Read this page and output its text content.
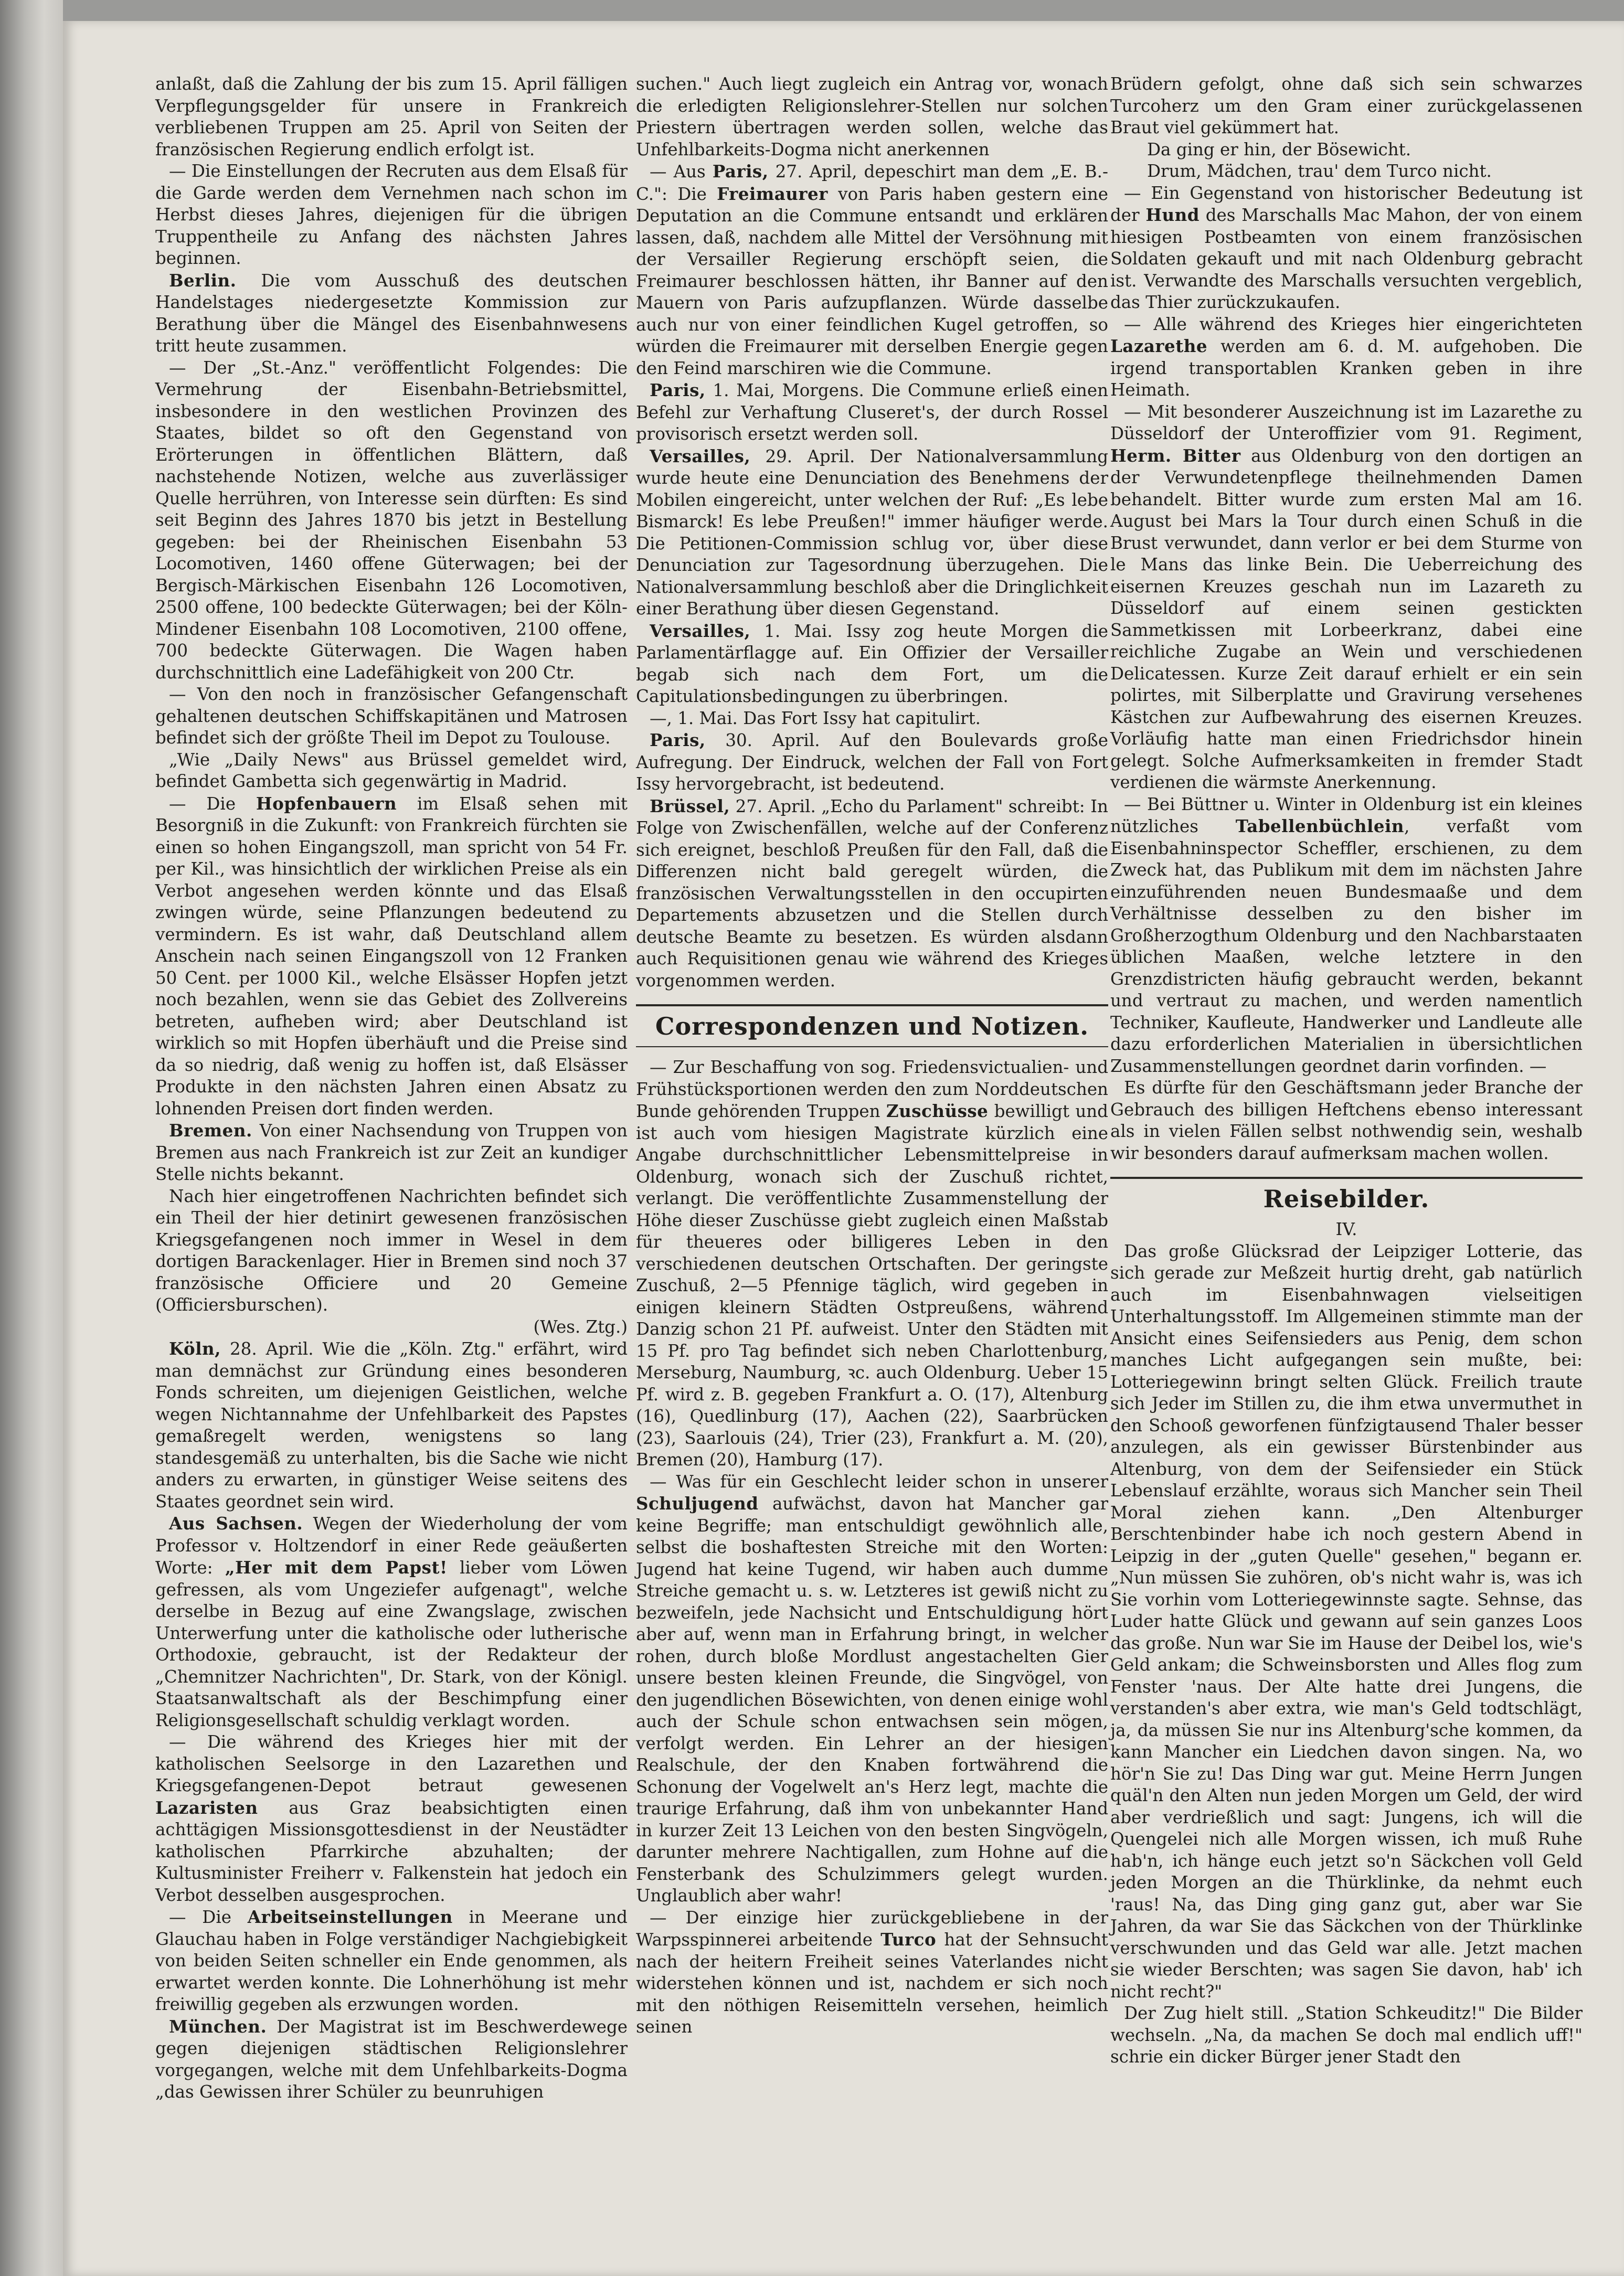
anlaßt, daß die Zahlung der bis zum 15. April fälligen Verpflegungsgelder für unsere in Frankreich verbliebenen Truppen am 25. April von Seiten der französischen Regierung endlich erfolgt ist.

— Die Einstellungen der Recruten aus dem Elsaß für die Garde werden dem Vernehmen nach schon im Herbst dieses Jahres, diejenigen für die übrigen Truppentheile zu Anfang des nächsten Jahres beginnen.

Berlin. Die vom Ausschuß des deutschen Handelstages niedergesetzte Kommission zur Berathung über die Mängel des Eisenbahnwesens tritt heute zusammen.

— Der „St.-Anz." veröffentlicht Folgendes: Die Vermehrung der Eisenbahn-Betriebsmittel, insbesondere in den westlichen Provinzen des Staates, bildet so oft den Gegenstand von Erörterungen in öffentlichen Blättern, daß nachstehende Notizen, welche aus zuverlässiger Quelle herrühren, von Interesse sein dürften: Es sind seit Beginn des Jahres 1870 bis jetzt in Bestellung gegeben: bei der Rheinischen Eisenbahn 53 Locomotiven, 1460 offene Güterwagen; bei der Bergisch-Märkischen Eisenbahn 126 Locomotiven, 2500 offene, 100 bedeckte Güterwagen; bei der Köln-Mindener Eisenbahn 108 Locomotiven, 2100 offene, 700 bedeckte Güterwagen. Die Wagen haben durchschnittlich eine Ladefähigkeit von 200 Ctr.

— Von den noch in französischer Gefangenschaft gehaltenen deutschen Schiffskapitänen und Matrosen befindet sich der größte Theil im Depot zu Toulouse.

„Wie „Daily News" aus Brüssel gemeldet wird, befindet Gambetta sich gegenwärtig in Madrid.

— Die Hopfenbauern im Elsaß sehen mit Besorgniß in die Zukunft: von Frankreich fürchten sie einen so hohen Eingangszoll, man spricht von 54 Fr. per Kil., was hinsichtlich der wirklichen Preise als ein Verbot angesehen werden könnte und das Elsaß zwingen würde, seine Pflanzungen bedeutend zu vermindern. Es ist wahr, daß Deutschland allem Anschein nach seinen Eingangszoll von 12 Franken 50 Cent. per 1000 Kil., welche Elsässer Hopfen jetzt noch bezahlen, wenn sie das Gebiet des Zollvereins betreten, aufheben wird; aber Deutschland ist wirklich so mit Hopfen überhäuft und die Preise sind da so niedrig, daß wenig zu hoffen ist, daß Elsässer Produkte in den nächsten Jahren einen Absatz zu lohnenden Preisen dort finden werden.

Bremen. Von einer Nachsendung von Truppen von Bremen aus nach Frankreich ist zur Zeit an kundiger Stelle nichts bekannt.

Nach hier eingetroffenen Nachrichten befindet sich ein Theil der hier detinirt gewesenen französischen Kriegsgefangenen noch immer in Wesel in dem dortigen Barackenlager. Hier in Bremen sind noch 37 französische Officiere und 20 Gemeine (Officiersburschen).

(Wes. Ztg.)

Köln, 28. April. Wie die „Köln. Ztg." erfährt, wird man demnächst zur Gründung eines besonderen Fonds schreiten, um diejenigen Geistlichen, welche wegen Nichtannahme der Unfehlbarkeit des Papstes gemaßregelt werden, wenigstens so lang standesgemäß zu unterhalten, bis die Sache wie nicht anders zu erwarten, in günstiger Weise seitens des Staates geordnet sein wird.

Aus Sachsen. Wegen der Wiederholung der vom Professor v. Holtzendorf in einer Rede geäußerten Worte: „Her mit dem Papst! lieber vom Löwen gefressen, als vom Ungeziefer aufgenagt", welche derselbe in Bezug auf eine Zwangslage, zwischen Unterwerfung unter die katholische oder lutherische Orthodoxie, gebraucht, ist der Redakteur der „Chemnitzer Nachrichten", Dr. Stark, von der Königl. Staatsanwaltschaft als der Beschimpfung einer Religionsgesellschaft schuldig verklagt worden.

— Die während des Krieges hier mit der katholischen Seelsorge in den Lazarethen und Kriegsgefangenen-Depot betraut gewesenen Lazaristen aus Graz beabsichtigten einen achttägigen Missionsgottesdienst in der Neustädter katholischen Pfarrkirche abzuhalten; der Kultusminister Freiherr v. Falkenstein hat jedoch ein Verbot desselben ausgesprochen.

— Die Arbeitseinstellungen in Meerane und Glauchau haben in Folge verständiger Nachgiebigkeit von beiden Seiten schneller ein Ende genommen, als erwartet werden konnte. Die Lohnerhöhung ist mehr freiwillig gegeben als erzwungen worden.

München. Der Magistrat ist im Beschwerdewege gegen diejenigen städtischen Religionslehrer vorgegangen, welche mit dem Unfehlbarkeits-Dogma „das Gewissen ihrer Schüler zu beunruhigen

suchen." Auch liegt zugleich ein Antrag vor, wonach die erledigten Religionslehrer-Stellen nur solchen Priestern übertragen werden sollen, welche das Unfehlbarkeits-Dogma nicht anerkennen

— Aus Paris, 27. April, depeschirt man dem „E. B.-C.": Die Freimaurer von Paris haben gestern eine Deputation an die Commune entsandt und erklären lassen, daß, nachdem alle Mittel der Versöhnung mit der Versailler Regierung erschöpft seien, die Freimaurer beschlossen hätten, ihr Banner auf den Mauern von Paris aufzupflanzen. Würde dasselbe auch nur von einer feindlichen Kugel getroffen, so würden die Freimaurer mit derselben Energie gegen den Feind marschiren wie die Commune.

Paris, 1. Mai, Morgens. Die Commune erließ einen Befehl zur Verhaftung Cluseret's, der durch Rossel provisorisch ersetzt werden soll.

Versailles, 29. April. Der Nationalversammlung wurde heute eine Denunciation des Benehmens der Mobilen eingereicht, unter welchen der Ruf: „Es lebe Bismarck! Es lebe Preußen!" immer häufiger werde. Die Petitionen-Commission schlug vor, über diese Denunciation zur Tagesordnung überzugehen. Die Nationalversammlung beschloß aber die Dringlichkeit einer Berathung über diesen Gegenstand.

Versailles, 1. Mai. Issy zog heute Morgen die Parlamentärflagge auf. Ein Offizier der Versailler begab sich nach dem Fort, um die Capitulationsbedingungen zu überbringen.

—, 1. Mai. Das Fort Issy hat capitulirt.

Paris, 30. April. Auf den Boulevards große Aufregung. Der Eindruck, welchen der Fall von Fort Issy hervorgebracht, ist bedeutend.

Brüssel, 27. April. „Echo du Parlament" schreibt: In Folge von Zwischenfällen, welche auf der Conferenz sich ereignet, beschloß Preußen für den Fall, daß die Differenzen nicht bald geregelt würden, die französischen Verwaltungsstellen in den occupirten Departements abzusetzen und die Stellen durch deutsche Beamte zu besetzen. Es würden alsdann auch Requisitionen genau wie während des Krieges vorgenommen werden.

Correspondenzen und Notizen.

— Zur Beschaffung von sog. Friedensvictualien- und Frühstücksportionen werden den zum Norddeutschen Bunde gehörenden Truppen Zuschüsse bewilligt und ist auch vom hiesigen Magistrate kürzlich eine Angabe durchschnittlicher Lebensmittelpreise in Oldenburg, wonach sich der Zuschuß richtet, verlangt. Die veröffentlichte Zusammenstellung der Höhe dieser Zuschüsse giebt zugleich einen Maßstab für theueres oder billigeres Leben in den verschiedenen deutschen Ortschaften. Der geringste Zuschuß, 2—5 Pfennige täglich, wird gegeben in einigen kleinern Städten Ostpreußens, während Danzig schon 21 Pf. aufweist. Unter den Städten mit 15 Pf. pro Tag befindet sich neben Charlottenburg, Merseburg, Naumburg, ꝛc. auch Oldenburg. Ueber 15 Pf. wird z. B. gegeben Frankfurt a. O. (17), Altenburg (16), Quedlinburg (17), Aachen (22), Saarbrücken (23), Saarlouis (24), Trier (23), Frankfurt a. M. (20), Bremen (20), Hamburg (17).

— Was für ein Geschlecht leider schon in unserer Schuljugend aufwächst, davon hat Mancher gar keine Begriffe; man entschuldigt gewöhnlich alle, selbst die boshaftesten Streiche mit den Worten: Jugend hat keine Tugend, wir haben auch dumme Streiche gemacht u. s. w. Letzteres ist gewiß nicht zu bezweifeln, jede Nachsicht und Entschuldigung hört aber auf, wenn man in Erfahrung bringt, in welcher rohen, durch bloße Mordlust angestachelten Gier unsere besten kleinen Freunde, die Singvögel, von den jugendlichen Bösewichten, von denen einige wohl auch der Schule schon entwachsen sein mögen, verfolgt werden. Ein Lehrer an der hiesigen Realschule, der den Knaben fortwährend die Schonung der Vogelwelt an's Herz legt, machte die traurige Erfahrung, daß ihm von unbekannter Hand in kurzer Zeit 13 Leichen von den besten Singvögeln, darunter mehrere Nachtigallen, zum Hohne auf die Fensterbank des Schulzimmers gelegt wurden. Unglaublich aber wahr!

— Der einzige hier zurückgebliebene in der Warpsspinnerei arbeitende Turco hat der Sehnsucht nach der heitern Freiheit seines Vaterlandes nicht widerstehen können und ist, nachdem er sich noch mit den nöthigen Reisemitteln versehen, heimlich seinen

Brüdern gefolgt, ohne daß sich sein schwarzes Turcoherz um den Gram einer zurückgelassenen Braut viel gekümmert hat.

Da ging er hin, der Bösewicht.

Drum, Mädchen, trau' dem Turco nicht.

— Ein Gegenstand von historischer Bedeutung ist der Hund des Marschalls Mac Mahon, der von einem hiesigen Postbeamten von einem französischen Soldaten gekauft und mit nach Oldenburg gebracht ist. Verwandte des Marschalls versuchten vergeblich, das Thier zurückzukaufen.

— Alle während des Krieges hier eingerichteten Lazarethe werden am 6. d. M. aufgehoben. Die irgend transportablen Kranken geben in ihre Heimath.

— Mit besonderer Auszeichnung ist im Lazarethe zu Düsseldorf der Unteroffizier vom 91. Regiment, Herm. Bitter aus Oldenburg von den dortigen an der Verwundetenpflege theilnehmenden Damen behandelt. Bitter wurde zum ersten Mal am 16. August bei Mars la Tour durch einen Schuß in die Brust verwundet, dann verlor er bei dem Sturme von le Mans das linke Bein. Die Ueberreichung des eisernen Kreuzes geschah nun im Lazareth zu Düsseldorf auf einem seinen gestickten Sammetkissen mit Lorbeerkranz, dabei eine reichliche Zugabe an Wein und verschiedenen Delicatessen. Kurze Zeit darauf erhielt er ein sein polirtes, mit Silberplatte und Gravirung versehenes Kästchen zur Aufbewahrung des eisernen Kreuzes. Vorläufig hatte man einen Friedrichsdor hinein gelegt. Solche Aufmerksamkeiten in fremder Stadt verdienen die wärmste Anerkennung.

— Bei Büttner u. Winter in Oldenburg ist ein kleines nützliches Tabellenbüchlein, verfaßt vom Eisenbahninspector Scheffler, erschienen, zu dem Zweck hat, das Publikum mit dem im nächsten Jahre einzuführenden neuen Bundesmaaße und dem Verhältnisse desselben zu den bisher im Großherzogthum Oldenburg und den Nachbarstaaten üblichen Maaßen, welche letztere in den Grenzdistricten häufig gebraucht werden, bekannt und vertraut zu machen, und werden namentlich Techniker, Kaufleute, Handwerker und Landleute alle dazu erforderlichen Materialien in übersichtlichen Zusammenstellungen geordnet darin vorfinden. —

Es dürfte für den Geschäftsmann jeder Branche der Gebrauch des billigen Heftchens ebenso interessant als in vielen Fällen selbst nothwendig sein, weshalb wir besonders darauf aufmerksam machen wollen.

Reisebilder.

IV.

Das große Glücksrad der Leipziger Lotterie, das sich gerade zur Meßzeit hurtig dreht, gab natürlich auch im Eisenbahnwagen vielseitigen Unterhaltungsstoff. Im Allgemeinen stimmte man der Ansicht eines Seifensieders aus Penig, dem schon manches Licht aufgegangen sein mußte, bei: Lotteriegewinn bringt selten Glück. Freilich traute sich Jeder im Stillen zu, die ihm etwa unvermuthet in den Schooß geworfenen fünfzigtausend Thaler besser anzulegen, als ein gewisser Bürstenbinder aus Altenburg, von dem der Seifensieder ein Stück Lebenslauf erzählte, woraus sich Mancher sein Theil Moral ziehen kann. „Den Altenburger Berschtenbinder habe ich noch gestern Abend in Leipzig in der „guten Quelle" gesehen," begann er. „Nun müssen Sie zuhören, ob's nicht wahr is, was ich Sie vorhin vom Lotteriegewinnste sagte. Sehnse, das Luder hatte Glück und gewann auf sein ganzes Loos das große. Nun war Sie im Hause der Deibel los, wie's Geld ankam; die Schweinsborsten und Alles flog zum Fenster 'naus. Der Alte hatte drei Jungens, die verstanden's aber extra, wie man's Geld todtschlägt, ja, da müssen Sie nur ins Altenburg'sche kommen, da kann Mancher ein Liedchen davon singen. Na, wo hör'n Sie zu! Das Ding war gut. Meine Herrn Jungen quäl'n den Alten nun jeden Morgen um Geld, der wird aber verdrießlich und sagt: Jungens, ich will die Quengelei nich alle Morgen wissen, ich muß Ruhe hab'n, ich hänge euch jetzt so'n Säckchen voll Geld jeden Morgen an die Thürklinke, da nehmt euch 'raus! Na, das Ding ging ganz gut, aber war Sie Jahren, da war Sie das Säckchen von der Thürklinke verschwunden und das Geld war alle. Jetzt machen sie wieder Berschten; was sagen Sie davon, hab' ich nicht recht?"

Der Zug hielt still. „Station Schkeuditz!" Die Bilder wechseln. „Na, da machen Se doch mal endlich uff!" schrie ein dicker Bürger jener Stadt den
